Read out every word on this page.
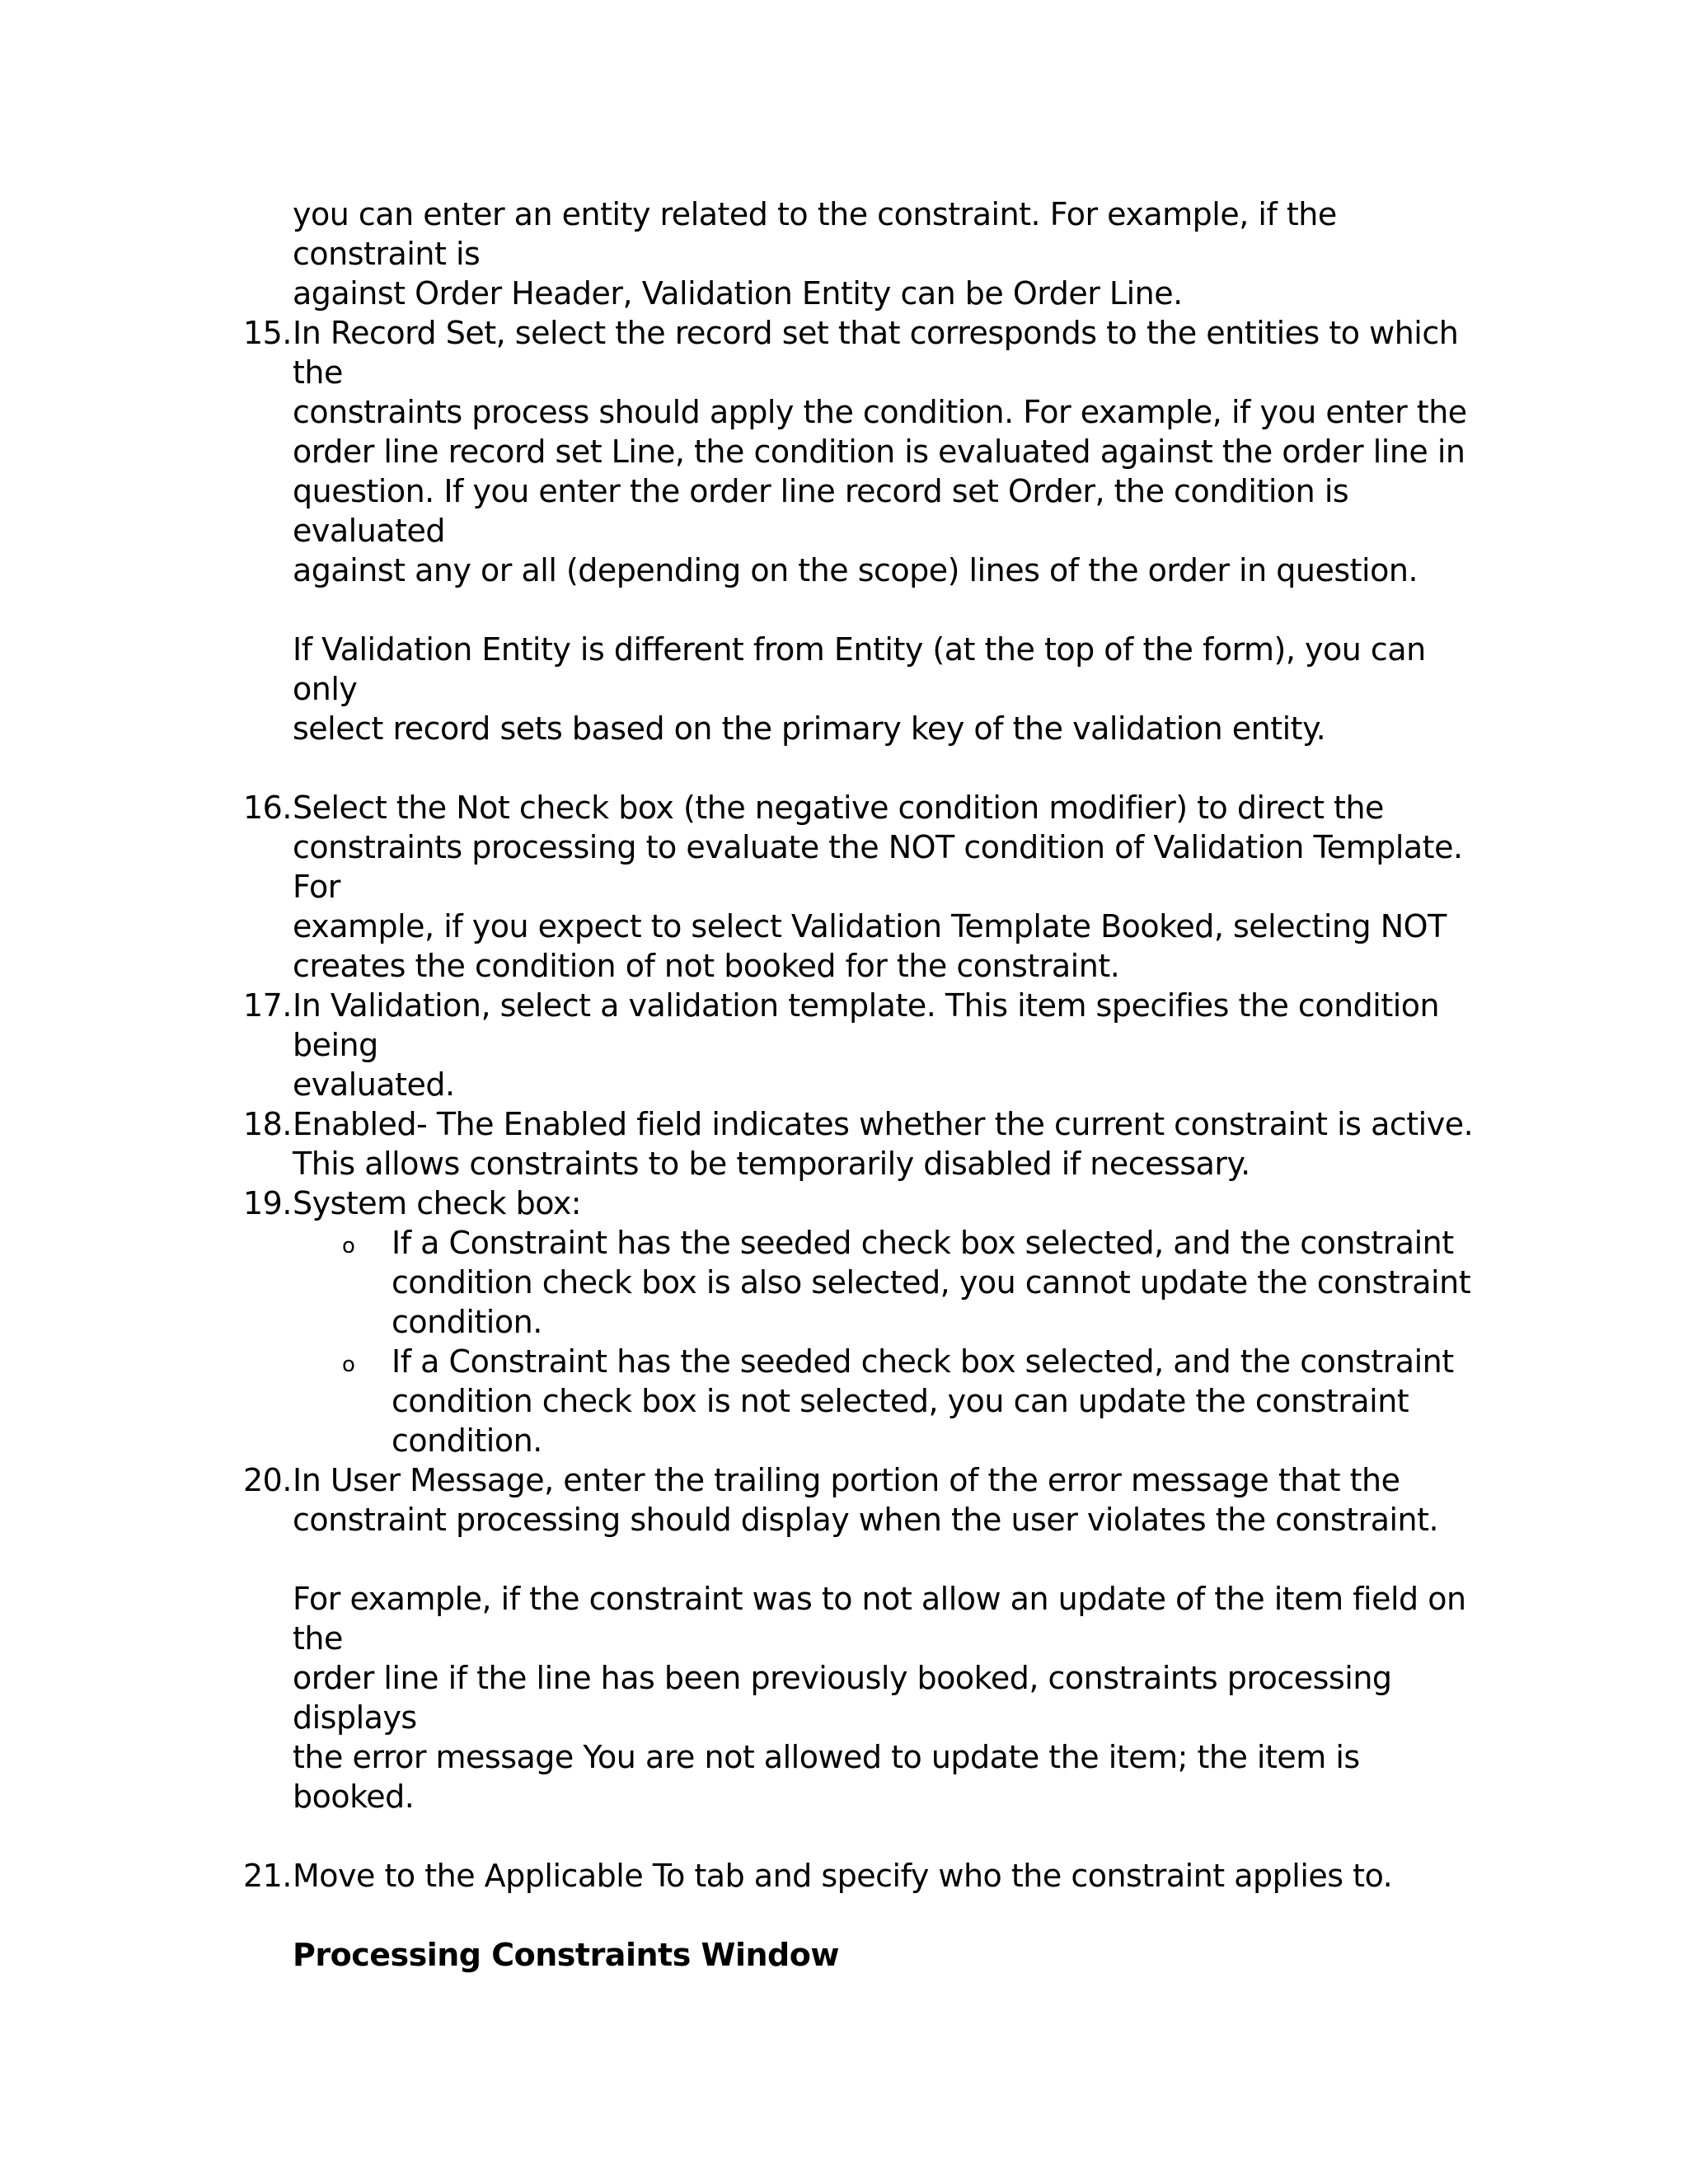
you can enter an entity related to the constraint. For example, if the constraint is
against Order Header, Validation Entity can be Order Line.
15. In Record Set, select the record set that corresponds to the entities to which the
constraints process should apply the condition. For example, if you enter the
order line record set Line, the condition is evaluated against the order line in
question. If you enter the order line record set Order, the condition is evaluated
against any or all (depending on the scope) lines of the order in question.
If Validation Entity is different from Entity (at the top of the form), you can only
select record sets based on the primary key of the validation entity.
16. Select the Not check box (the negative condition modifier) to direct the
constraints processing to evaluate the NOT condition of Validation Template. For
example, if you expect to select Validation Template Booked, selecting NOT
creates the condition of not booked for the constraint.
17. In Validation, select a validation template. This item specifies the condition being
evaluated.
18. Enabled- The Enabled field indicates whether the current constraint is active.
This allows constraints to be temporarily disabled if necessary.
19. System check box:
o If a Constraint has the seeded check box selected, and the constraint
condition check box is also selected, you cannot update the constraint
condition.
o If a Constraint has the seeded check box selected, and the constraint
condition check box is not selected, you can update the constraint
condition.
20. In User Message, enter the trailing portion of the error message that the
constraint processing should display when the user violates the constraint.
For example, if the constraint was to not allow an update of the item field on the
order line if the line has been previously booked, constraints processing displays
the error message You are not allowed to update the item; the item is booked.
21. Move to the Applicable To tab and specify who the constraint applies to.
Processing Constraints Window
